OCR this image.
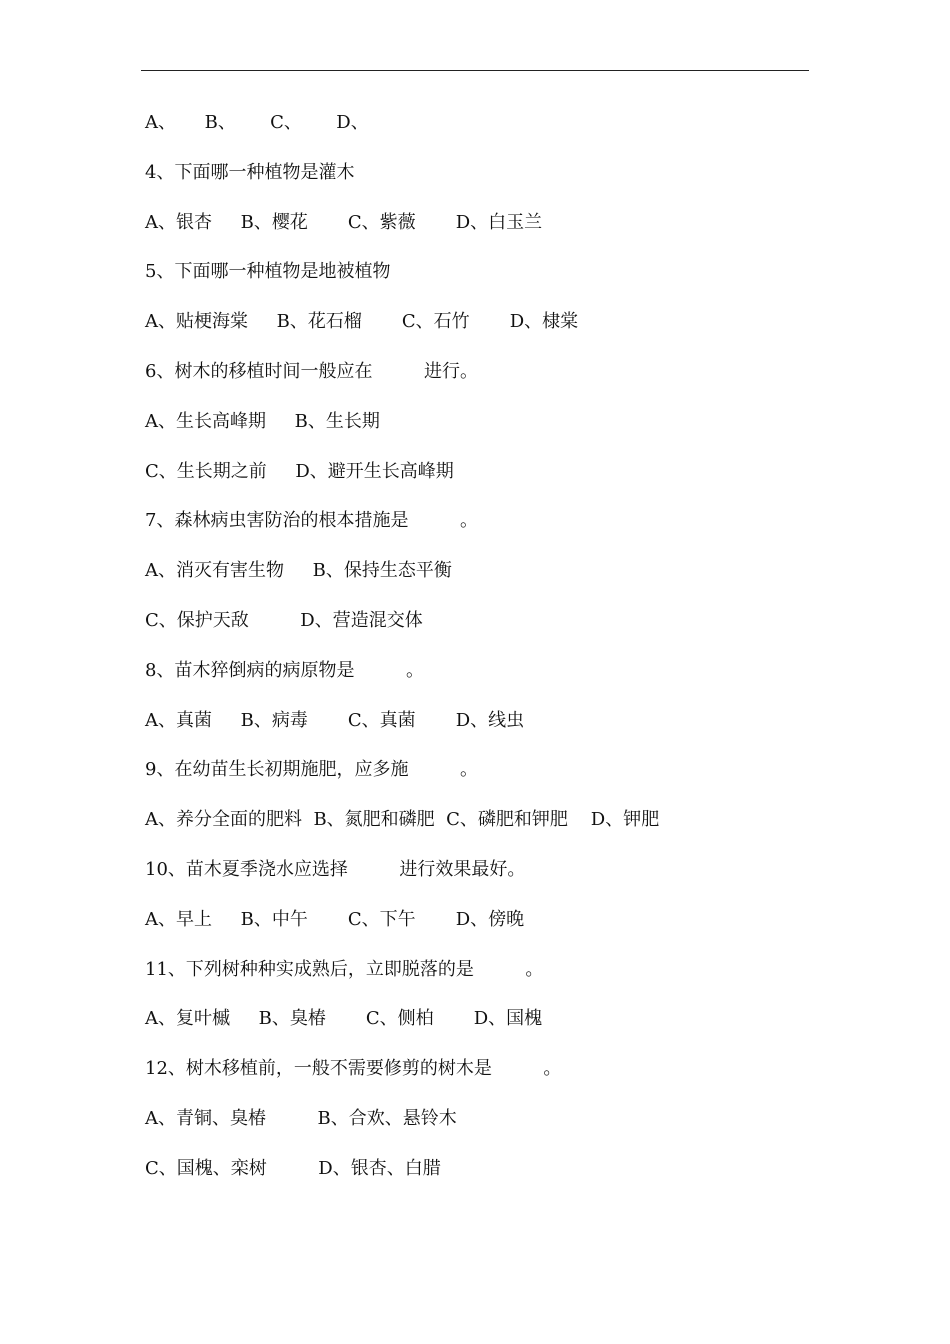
A、     B、      C、      D、
4、下面哪一种植物是灌木
A、银杏     B、樱花       C、紫薇       D、白玉兰
5、下面哪一种植物是地被植物
A、贴梗海棠     B、花石榴       C、石竹       D、棣棠
6、树木的移植时间一般应在         进行。
A、生长高峰期     B、生长期
C、生长期之前     D、避开生长高峰期
7、森林病虫害防治的根本措施是         。
A、消灭有害生物     B、保持生态平衡
C、保护天敌         D、营造混交体
8、苗木猝倒病的病原物是         。
A、真菌     B、病毒       C、真菌       D、线虫
9、在幼苗生长初期施肥，应多施         。
A、养分全面的肥料  B、氮肥和磷肥  C、磷肥和钾肥    D、钾肥
10、苗木夏季浇水应选择         进行效果最好。
A、早上     B、中午       C、下午       D、傍晚
11、下列树种种实成熟后，立即脱落的是         。
A、复叶槭     B、臭椿       C、侧柏       D、国槐
12、树木移植前，一般不需要修剪的树木是         。
A、青铜、臭椿         B、合欢、悬铃木
C、国槐、栾树         D、银杏、白腊
